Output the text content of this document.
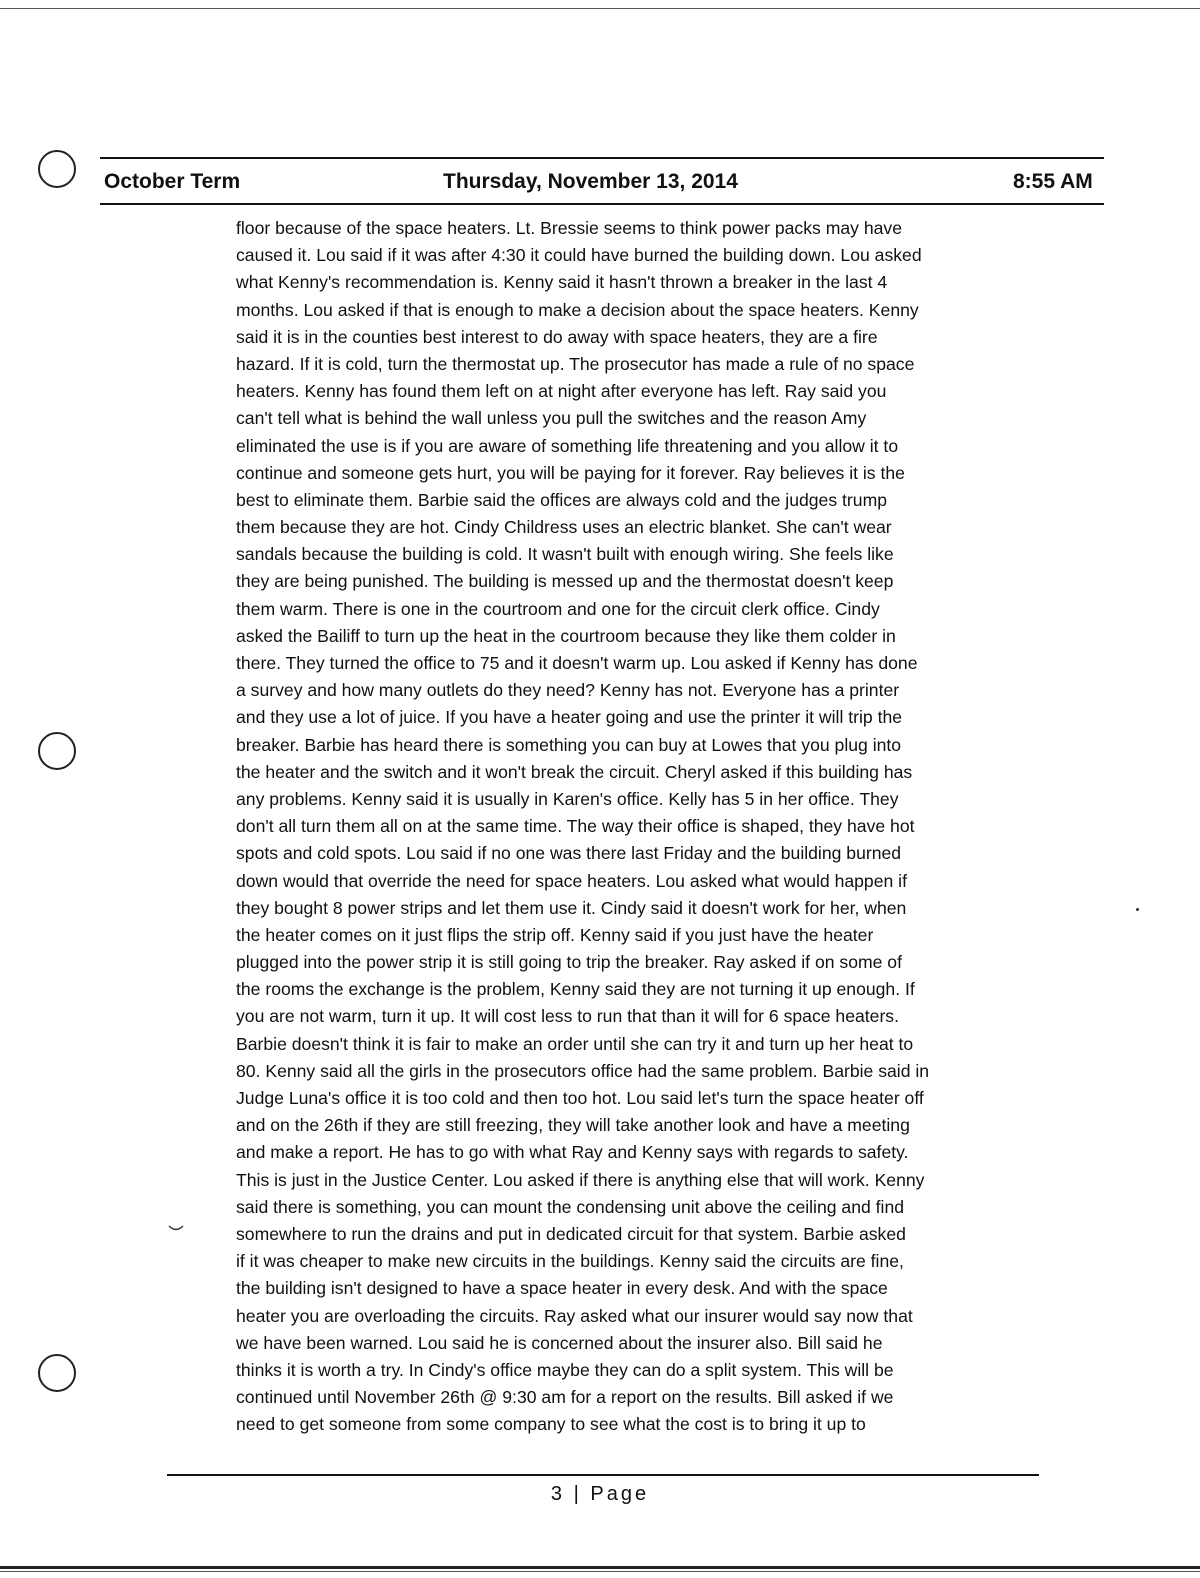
October Term	Thursday, November 13, 2014	8:55 AM
floor because of the space heaters. Lt. Bressie seems to think power packs may have
caused it. Lou said if it was after 4:30 it could have burned the building down. Lou asked
what Kenny's recommendation is. Kenny said it hasn't thrown a breaker in the last 4
months. Lou asked if that is enough to make a decision about the space heaters. Kenny
said it is in the counties best interest to do away with space heaters, they are a fire
hazard. If it is cold, turn the thermostat up. The prosecutor has made a rule of no space
heaters. Kenny has found them left on at night after everyone has left. Ray said you
can't tell what is behind the wall unless you pull the switches and the reason Amy
eliminated the use is if you are aware of something life threatening and you allow it to
continue and someone gets hurt, you will be paying for it forever. Ray believes it is the
best to eliminate them. Barbie said the offices are always cold and the judges trump
them because they are hot. Cindy Childress uses an electric blanket. She can't wear
sandals because the building is cold. It wasn't built with enough wiring. She feels like
they are being punished. The building is messed up and the thermostat doesn't keep
them warm. There is one in the courtroom and one for the circuit clerk office. Cindy
asked the Bailiff to turn up the heat in the courtroom because they like them colder in
there. They turned the office to 75 and it doesn't warm up. Lou asked if Kenny has done
a survey and how many outlets do they need? Kenny has not. Everyone has a printer
and they use a lot of juice. If you have a heater going and use the printer it will trip the
breaker. Barbie has heard there is something you can buy at Lowes that you plug into
the heater and the switch and it won't break the circuit. Cheryl asked if this building has
any problems. Kenny said it is usually in Karen's office. Kelly has 5 in her office. They
don't all turn them all on at the same time. The way their office is shaped, they have hot
spots and cold spots. Lou said if no one was there last Friday and the building burned
down would that override the need for space heaters. Lou asked what would happen if
they bought 8 power strips and let them use it. Cindy said it doesn't work for her, when
the heater comes on it just flips the strip off. Kenny said if you just have the heater
plugged into the power strip it is still going to trip the breaker. Ray asked if on some of
the rooms the exchange is the problem, Kenny said they are not turning it up enough. If
you are not warm, turn it up. It will cost less to run that than it will for 6 space heaters.
Barbie doesn't think it is fair to make an order until she can try it and turn up her heat to
80. Kenny said all the girls in the prosecutors office had the same problem. Barbie said in
Judge Luna's office it is too cold and then too hot. Lou said let's turn the space heater off
and on the 26th if they are still freezing, they will take another look and have a meeting
and make a report. He has to go with what Ray and Kenny says with regards to safety.
This is just in the Justice Center. Lou asked if there is anything else that will work. Kenny
said there is something, you can mount the condensing unit above the ceiling and find
somewhere to run the drains and put in dedicated circuit for that system. Barbie asked
if it was cheaper to make new circuits in the buildings. Kenny said the circuits are fine,
the building isn't designed to have a space heater in every desk. And with the space
heater you are overloading the circuits. Ray asked what our insurer would say now that
we have been warned. Lou said he is concerned about the insurer also. Bill said he
thinks it is worth a try. In Cindy's office maybe they can do a split system. This will be
continued until November 26th @ 9:30 am for a report on the results. Bill asked if we
need to get someone from some company to see what the cost is to bring it up to
3 | Page
